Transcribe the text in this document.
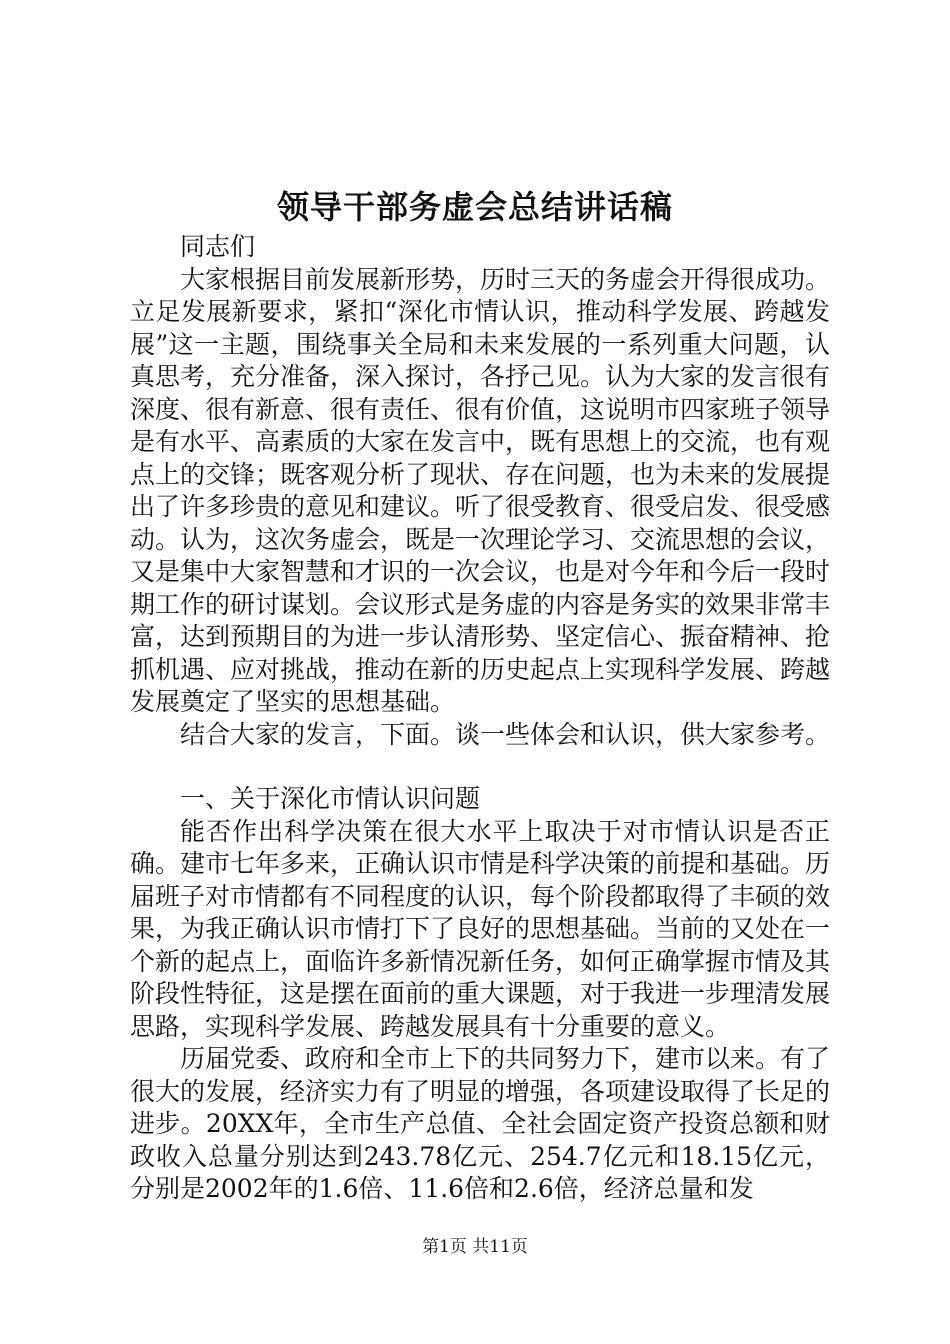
领导干部务虚会总结讲话稿

同志们

大家根据目前发展新形势，历时三天的务虚会开得很成功。立足发展新要求，紧扣“深化市情认识，推动科学发展、跨越发展”这一主题，围绕事关全局和未来发展的一系列重大问题，认真思考，充分准备，深入探讨，各抒己见。认为大家的发言很有深度、很有新意、很有责任、很有价值，这说明市四家班子领导是有水平、高素质的大家在发言中，既有思想上的交流，也有观点上的交锋；既客观分析了现状、存在问题，也为未来的发展提出了许多珍贵的意见和建议。听了很受教育、很受启发、很受感动。认为，这次务虚会，既是一次理论学习、交流思想的会议，又是集中大家智慧和才识的一次会议，也是对今年和今后一段时期工作的研讨谋划。会议形式是务虚的内容是务实的效果非常丰富，达到预期目的为进一步认清形势、坚定信心、振奋精神、抢抓机遇、应对挑战，推动在新的历史起点上实现科学发展、跨越发展奠定了坚实的思想基础。

结合大家的发言，下面。谈一些体会和认识，供大家参考。

一、关于深化市情认识问题

能否作出科学决策在很大水平上取决于对市情认识是否正确。建市七年多来，正确认识市情是科学决策的前提和基础。历届班子对市情都有不同程度的认识，每个阶段都取得了丰硕的效果，为我正确认识市情打下了良好的思想基础。当前的又处在一个新的起点上，面临许多新情况新任务，如何正确掌握市情及其阶段性特征，这是摆在面前的重大课题，对于我进一步理清发展思路，实现科学发展、跨越发展具有十分重要的意义。

历届党委、政府和全市上下的共同努力下，建市以来。有了很大的发展，经济实力有了明显的增强，各项建设取得了长足的进步。20XX年，全市生产总值、全社会固定资产投资总额和财政收入总量分别达到243.78亿元、254.7亿元和18.15亿元，分别是2002年的1.6倍、11.6倍和2.6倍，经济总量和发

第1页 共11页
